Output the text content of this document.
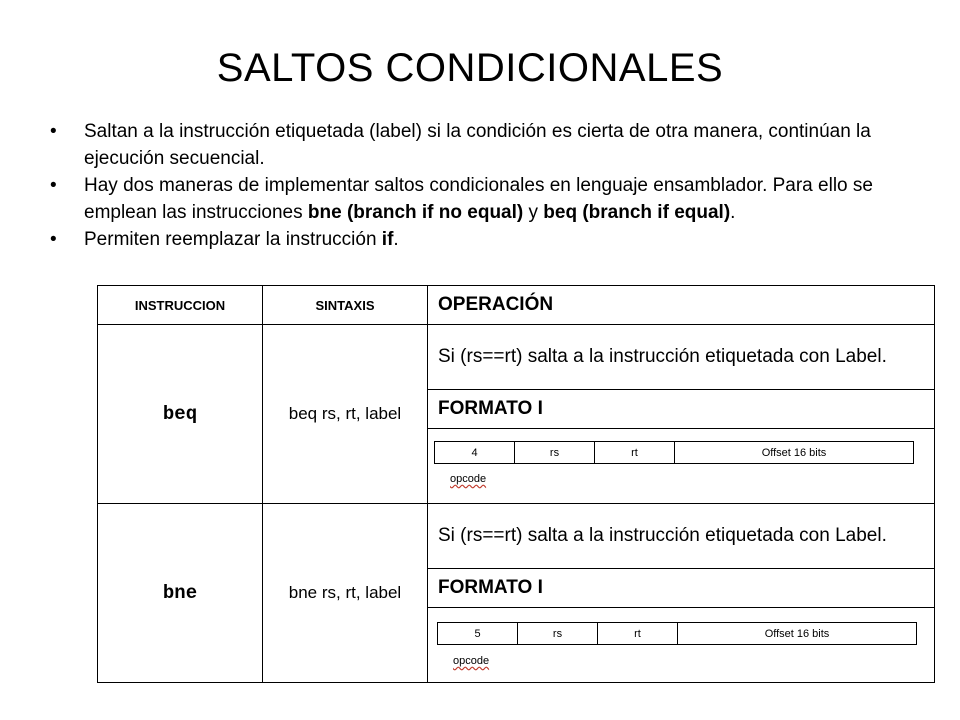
SALTOS CONDICIONALES
• Saltan a la instrucción etiquetada (label) si la condición es cierta de otra manera, continúan la ejecución secuencial.
• Hay dos maneras de implementar saltos condicionales en lenguaje ensamblador. Para ello se emplean las instrucciones bne (branch if no equal) y beq (branch if equal).
• Permiten reemplazar la instrucción if.
INSTRUCCION	SINTAXIS	OPERACIÓN
beq	beq rs, rt, label	Si (rs==rt) salta a la instrucción etiquetada con Label.
FORMATO I

4	rs	rt	Offset 16 bits
opcode

bne	bne rs, rt, label	Si (rs==rt) salta a la instrucción etiquetada con Label.
FORMATO I

5	rs	rt	Offset 16 bits
opcode
